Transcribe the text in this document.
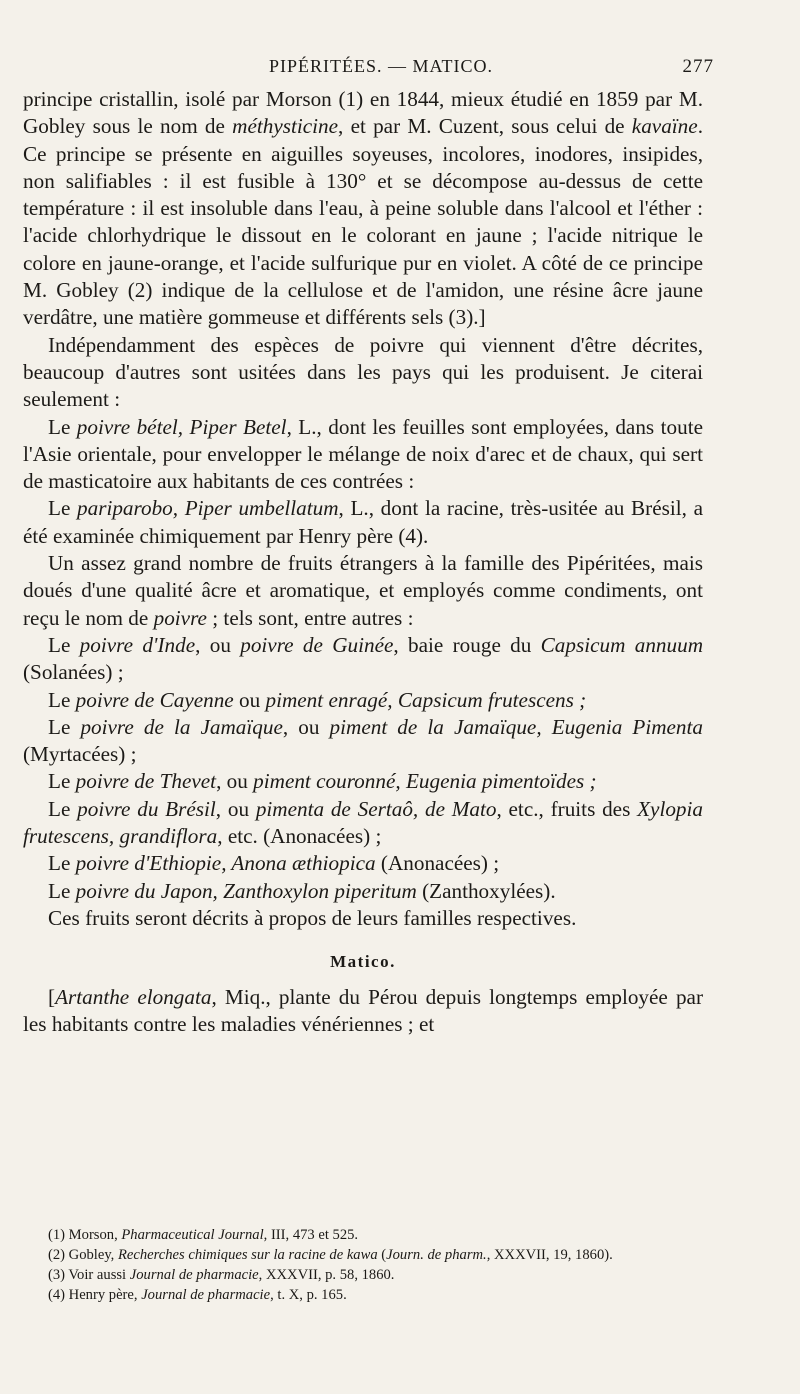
PIPÉRITÉES. — MATICO.	277

principe cristallin, isolé par Morson (1) en 1844, mieux étudié en 1859 par M. Gobley sous le nom de méthysticine, et par M. Cuzent, sous celui de kavaïne. Ce principe se présente en aiguilles soyeuses, incolores, inodores, insipides, non salifiables : il est fusible à 130° et se décompose au-dessus de cette température : il est insoluble dans l'eau, à peine soluble dans l'alcool et l'éther : l'acide chlorhydrique le dissout en le colorant en jaune ; l'acide nitrique le colore en jaune-orange, et l'acide sulfurique pur en violet. A côté de ce principe M. Gobley (2) indique de la cellulose et de l'amidon, une résine âcre jaune verdâtre, une matière gommeuse et différents sels (3).]

Indépendamment des espèces de poivre qui viennent d'être décrites, beaucoup d'autres sont usitées dans les pays qui les produisent. Je citerai seulement :

Le poivre bétel, Piper Betel, L., dont les feuilles sont employées, dans toute l'Asie orientale, pour envelopper le mélange de noix d'arec et de chaux, qui sert de masticatoire aux habitants de ces contrées :

Le pariparobo, Piper umbellatum, L., dont la racine, très-usitée au Brésil, a été examinée chimiquement par Henry père (4).

Un assez grand nombre de fruits étrangers à la famille des Pipéritées, mais doués d'une qualité âcre et aromatique, et employés comme condiments, ont reçu le nom de poivre ; tels sont, entre autres :

Le poivre d'Inde, ou poivre de Guinée, baie rouge du Capsicum annuum (Solanées) ;

Le poivre de Cayenne ou piment enragé, Capsicum frutescens ;

Le poivre de la Jamaïque, ou piment de la Jamaïque, Eugenia Pimenta (Myrtacées) ;

Le poivre de Thevet, ou piment couronné, Eugenia pimentoïdes ;

Le poivre du Brésil, ou pimenta de Sertaô, de Mato, etc., fruits des Xylopia frutescens, grandiflora, etc. (Anonacées) ;

Le poivre d'Ethiopie, Anona æthiopica (Anonacées) ;

Le poivre du Japon, Zanthoxylon piperitum (Zanthoxylées).

Ces fruits seront décrits à propos de leurs familles respectives.

Matico.

[Artanthe elongata, Miq., plante du Pérou depuis longtemps employée par les habitants contre les maladies vénériennes ; et

(1) Morson, Pharmaceutical Journal, III, 473 et 525.

(2) Gobley, Recherches chimiques sur la racine de kawa (Journ. de pharm., XXXVII, 19, 1860).

(3) Voir aussi Journal de pharmacie, XXXVII, p. 58, 1860.

(4) Henry père, Journal de pharmacie, t. X, p. 165.
